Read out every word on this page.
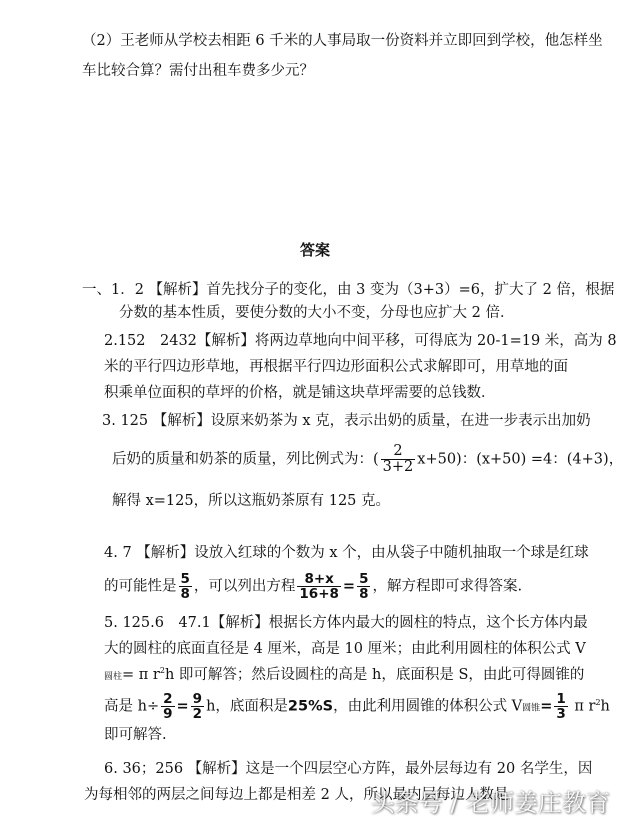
（2）王老师从学校去相距 6 千米的人事局取一份资料并立即回到学校，他怎样坐
车比较合算？需付出租车费多少元？
答案
一、1．2 【解析】首先找分子的变化，由 3 变为（3+3）=6，扩大了 2 倍，根据
分数的基本性质，要使分数的大小不变，分母也应扩大 2 倍．
2.152　2432【解析】将两边草地向中间平移，可得底为 20-1=19 米，高为 8
米的平行四边形草地，再根据平行四边形面积公式求解即可，用草地的面
积乘单位面积的草坪的价格，就是铺这块草坪需要的总钱数．
3. 125 【解析】设原来奶茶为 x 克，表示出奶的质量，在进一步表示出加奶
后奶的质量和奶茶的质量，列比例式为：( $\frac{2}{3+2} x+50$)：(x+50) =4：(4+3)，
解得 x=125，所以这瓶奶茶原有 125 克。
4. 7 【解析】设放入红球的个数为 x 个，由从袋子中随机抽取一个球是红球
的可能性是 $\frac{5}{8}$ ，可以列出方程 $\frac{8+x}{16+8} = \frac{5}{8}$ ，解方程即可求得答案.
5. 125.6　47.1【解析】根据长方体内最大的圆柱的特点，这个长方体内最
大的圆柱的底面直径是 4 厘米，高是 10 厘米；由此利用圆柱的体积公式 V
圆柱= π $r^2h$ 即可解答；然后设圆柱的高是 h，底面积是 S，由此可得圆锥的
高是 $h\div \frac{2}{9} = \frac{9}{2}$ h，底面积是25%S，由此利用圆锥的体积公式 V圆锥= $\frac{1}{3}$ π $r^2h$
即可解答.
6. 36；256 【解析】这是一个四层空心方阵，最外层每边有 20 名学生，因
为每相邻的两层之间每边上都是相差 2 人，所以最内层每边人数是
头条号 / 老师姜庄教育
